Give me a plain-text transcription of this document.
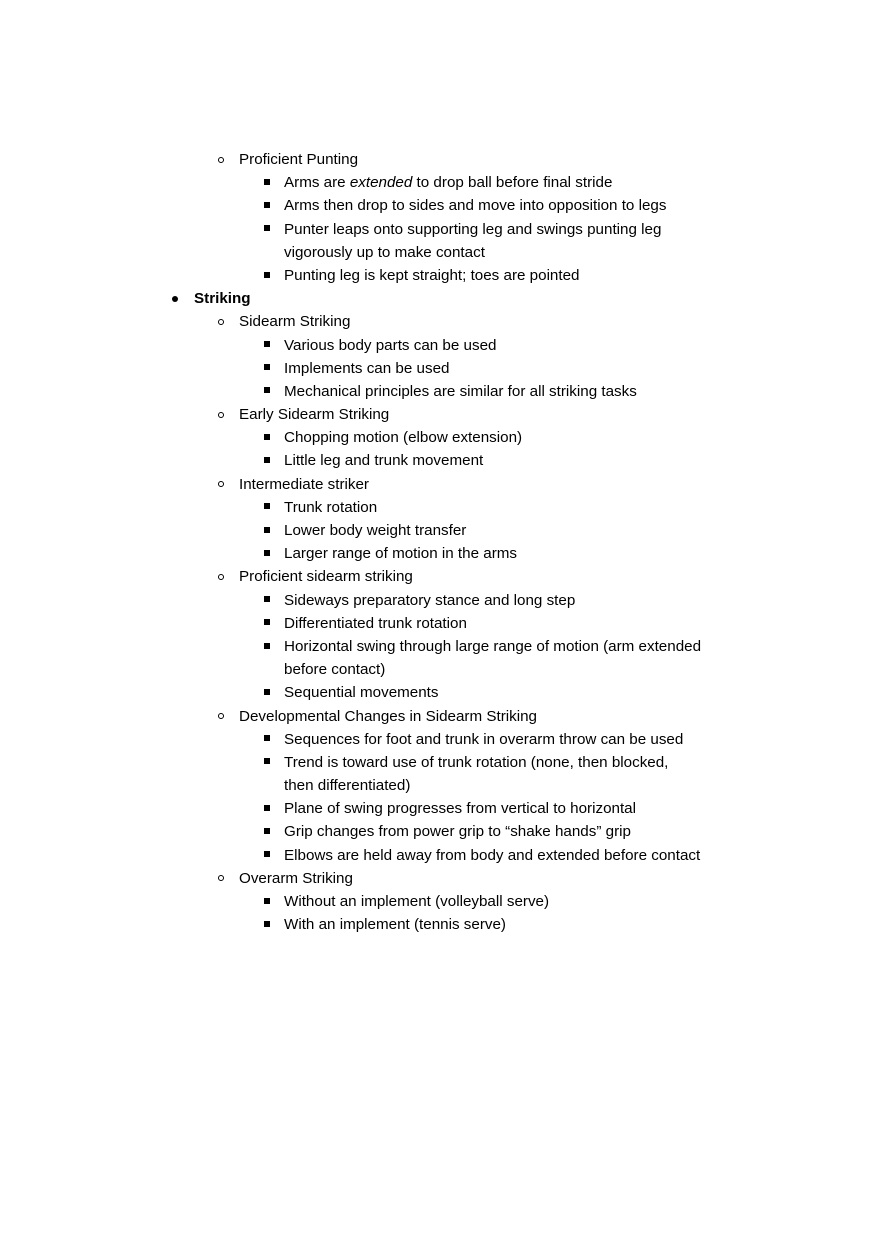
Proficient Punting
Arms are extended to drop ball before final stride
Arms then drop to sides and move into opposition to legs
Punter leaps onto supporting leg and swings punting leg
vigorously up to make contact
Punting leg is kept straight; toes are pointed
Striking
Sidearm Striking
Various body parts can be used
Implements can be used
Mechanical principles are similar for all striking tasks
Early Sidearm Striking
Chopping motion (elbow extension)
Little leg and trunk movement
Intermediate striker
Trunk rotation
Lower body weight transfer
Larger range of motion in the arms
Proficient sidearm striking
Sideways preparatory stance and long step
Differentiated trunk rotation
Horizontal swing through large range of motion (arm extended
before contact)
Sequential movements
Developmental Changes in Sidearm Striking
Sequences for foot and trunk in overarm throw can be used
Trend is toward use of trunk rotation (none, then blocked,
then differentiated)
Plane of swing progresses from vertical to horizontal
Grip changes from power grip to “shake hands” grip
Elbows are held away from body and extended before contact
Overarm Striking
Without an implement (volleyball serve)
With an implement (tennis serve)
